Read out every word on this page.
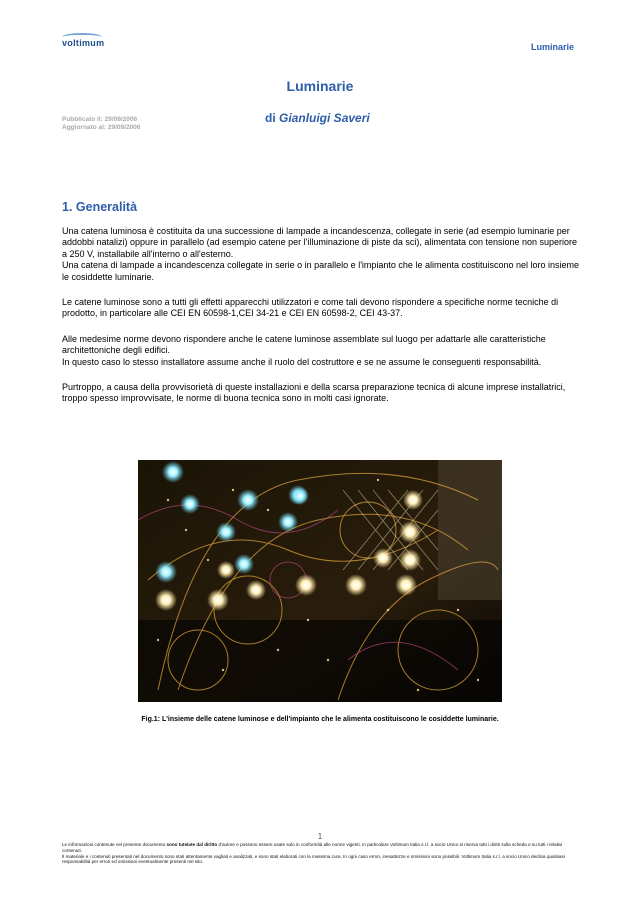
voltimum	Luminarie
Luminarie
Pubblicato il: 29/09/2006
Aggiornato al: 29/09/2006
di Gianluigi Saveri
1. Generalità

Una catena luminosa è costituita da una successione di lampade a incandescenza, collegate in serie (ad esempio luminarie per addobbi natalizi) oppure in parallelo (ad esempio catene per l'illuminazione di piste da sci), alimentata con tensione non superiore a 250 V, installabile all'interno o all'esterno.
Una catena di lampade a incandescenza collegate in serie o in parallelo e l'impianto che le alimenta costituiscono nel loro insieme le cosiddette luminarie.

Le catene luminose sono a tutti gli effetti apparecchi utilizzatori e come tali devono rispondere a specifiche norme tecniche di prodotto, in particolare alle CEI EN 60598-1,CEI 34-21 e CEI EN 60598-2, CEI 43-37.

Alle medesime norme devono rispondere anche le catene luminose assemblate sul luogo per adattarle alle caratteristiche architettoniche degli edifici.
In questo caso lo stesso installatore assume anche il ruolo del costruttore e se ne assume le conseguenti responsabilità.

Purtroppo, a causa della provvisorietà di queste installazioni e della scarsa preparazione tecnica di alcune imprese installatrici, troppo spesso improvvisate, le norme di buona tecnica sono in molti casi ignorate.

Fig.1: L'insieme delle catene luminose e dell'impianto che le alimenta costituiscono le cosiddette luminarie.
1
Le informazioni contenute nel presente documento sono tutelate dal diritto d'autore e possono essere usate solo in conformità alle norme vigenti. In particolare Voltimum Italia s.r.l. a socio Unico si riserva tutti i diritti sulla scheda e su tutti i relativi contenuti.
Il materiale e i contenuti presentati nel documento sono stati attentamente vagliati e analizzati, e sono stati elaborati con la massima cura. In ogni caso errori, inesattezze e omissioni sono possibili. Voltimum Italia s.r.l. a socio Unico declina qualsiasi responsabilità per errori ed omissioni eventualmente presenti nel sito.
